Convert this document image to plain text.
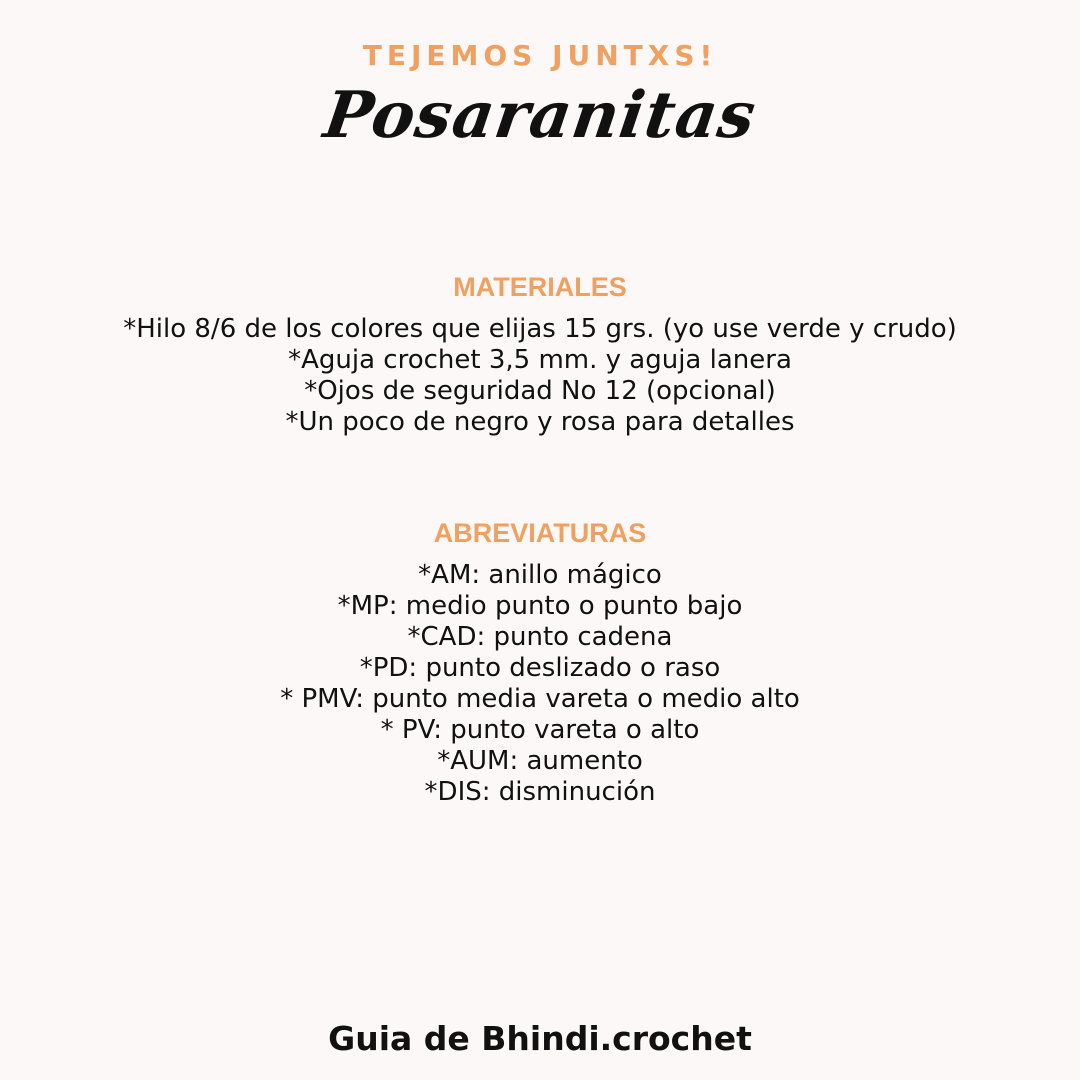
TEJEMOS JUNTXS!
Posaranitas
MATERIALES
*Hilo 8/6 de los colores que elijas 15 grs. (yo use verde y crudo)
*Aguja crochet 3,5 mm. y aguja lanera
*Ojos de seguridad No 12 (opcional)
*Un poco de negro y rosa para detalles
ABREVIATURAS
*AM: anillo mágico
*MP: medio punto o punto bajo
*CAD: punto cadena
*PD: punto deslizado o raso
* PMV: punto media vareta o medio alto
* PV: punto vareta o alto
*AUM: aumento
*DIS: disminución
Guia de Bhindi.crochet
